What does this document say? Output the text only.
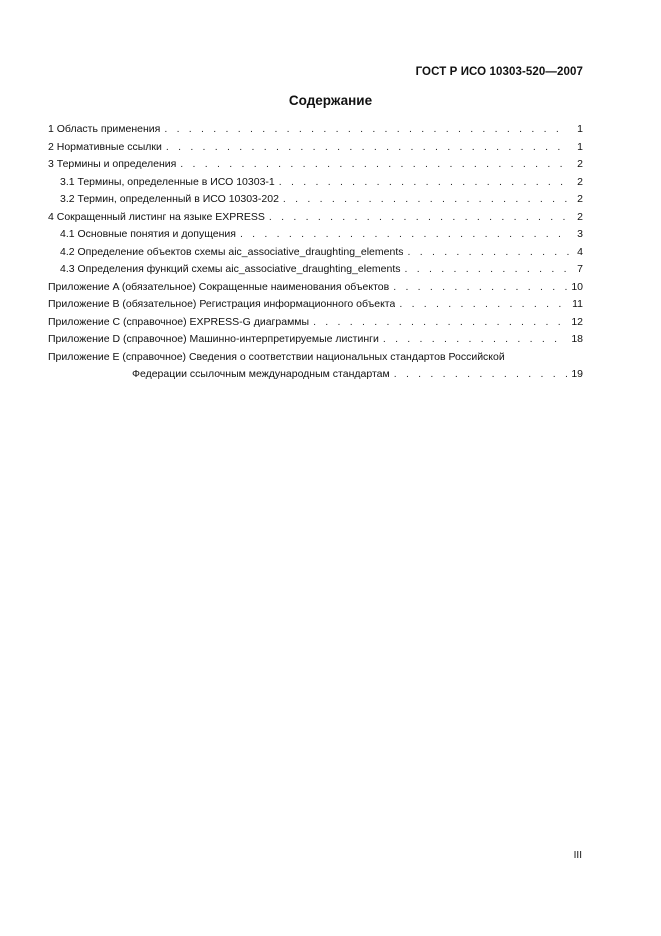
ГОСТ Р ИСО 10303-520—2007
Содержание
1 Область применения . . .	1
2 Нормативные ссылки . . .	1
3 Термины и определения . . .	2
3.1 Термины, определенные в ИСО 10303-1 . . .	2
3.2 Термин, определенный в ИСО 10303-202 . . .	2
4 Сокращенный листинг на языке EXPRESS . . .	2
4.1 Основные понятия и допущения . . .	3
4.2 Определение объектов схемы aic_associative_draughting_elements . . .	4
4.3 Определения функций схемы aic_associative_draughting_elements . . .	7
Приложение A (обязательное) Сокращенные наименования объектов . . .	10
Приложение B (обязательное) Регистрация информационного объекта . . .	11
Приложение C (справочное) EXPRESS-G диаграммы . . .	12
Приложение D (справочное) Машинно-интерпретируемые листинги . . .	18
Приложение E (справочное) Сведения о соответствии национальных стандартов Российской
Федерации ссылочным международным стандартам . . .	19
III
